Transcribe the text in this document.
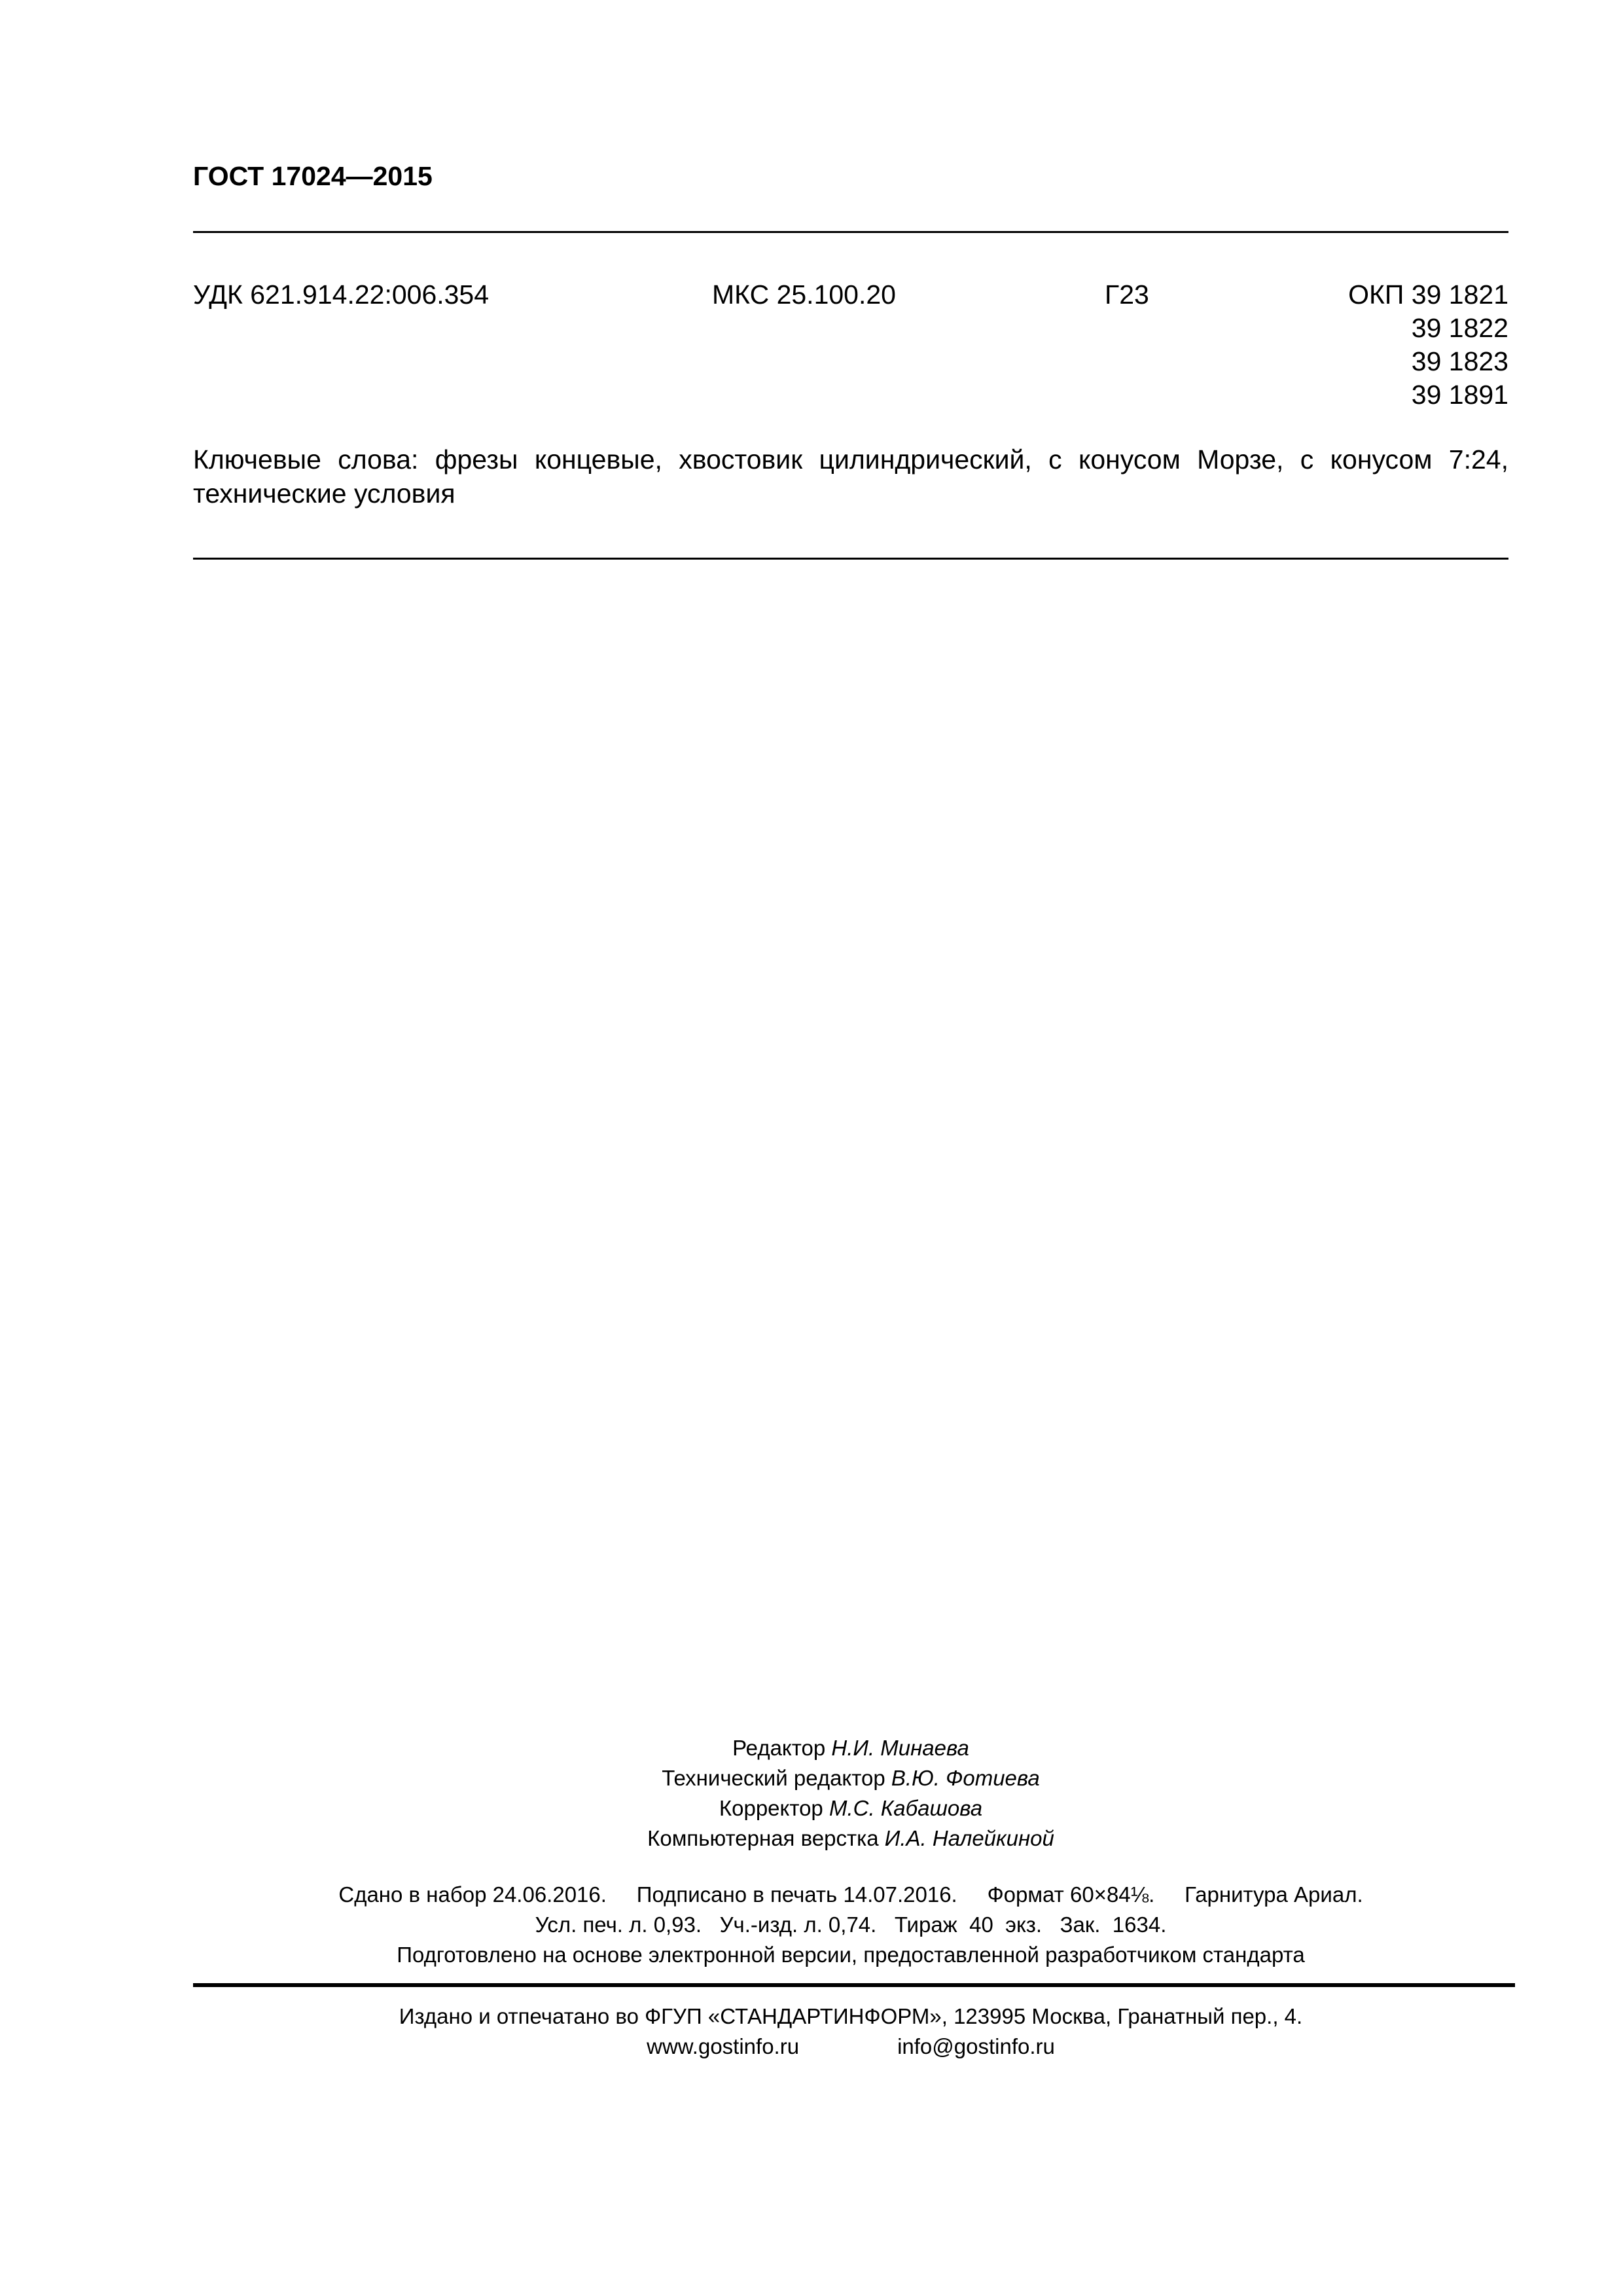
ГОСТ 17024—2015
УДК 621.914.22:006.354	МКС 25.100.20	Г23	ОКП 39 1821
39 1822
39 1823
39 1891
Ключевые слова: фрезы концевые, хвостовик цилиндрический, с конусом Морзе, с конусом 7:24, технические условия
Редактор Н.И. Минаева
Технический редактор В.Ю. Фотиева
Корректор М.С. Кабашова
Компьютерная верстка И.А. Налейкиной
Сдано в набор 24.06.2016.     Подписано в печать 14.07.2016.     Формат 60×84⅛.     Гарнитура Ариал.
Усл. печ. л. 0,93.   Уч.-изд. л. 0,74.   Тираж  40  экз.   Зак.  1634.
Подготовлено на основе электронной версии, предоставленной разработчиком стандарта
Издано и отпечатано во ФГУП «СТАНДАРТИНФОРМ», 123995 Москва, Гранатный пер., 4.
www.gostinfo.ru	info@gostinfo.ru
